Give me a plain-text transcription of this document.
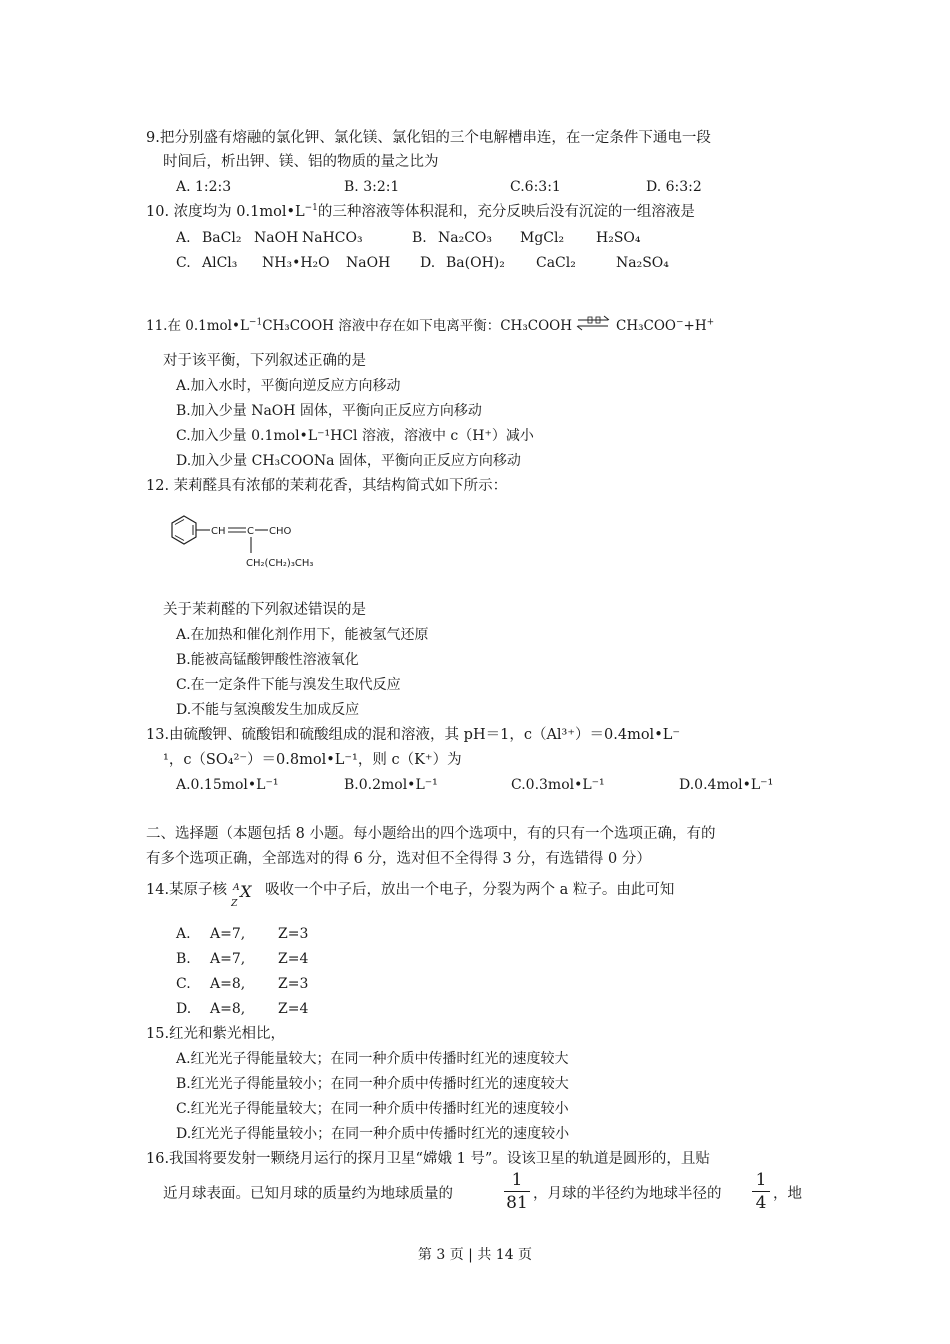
9.把分别盛有熔融的氯化钾、氯化镁、氯化铝的三个电解槽串连，在一定条件下通电一段
时间后，析出钾、镁、铝的物质的量之比为
A. 1:2:3	B. 3:2:1	C.6:3:1	D. 6:3:2
10. 浓度均为 $0.1mol•L^{-1}$的三种溶液等体积混和，充分反映后没有沉淀的一组溶液是
A. BaCl₂ NaOH NaHCO₃	B. Na₂CO₃ MgCl₂ H₂SO₄
C. AlCl₃ NH₃•H₂O NaOH D. Ba(OH)₂ CaCl₂	Na₂SO₄
11.在 $0.1mol•L^{-1}CH_3COOH$ 溶液中存在如下电离平衡：CH₃COOH ⇌ CH₃COO−+H+
对于该平衡，下列叙述正确的是
A.加入水时，平衡向逆反应方向移动
B.加入少量 NaOH 固体，平衡向正反应方向移动
C.加入少量 0.1mol•L⁻¹HCl 溶液，溶液中 c（H⁺）减小
D.加入少量 CH₃COONa 固体，平衡向正反应方向移动
12. 茉莉醛具有浓郁的茉莉花香，其结构简式如下所示：
CH C CHO
CH₂(CH₂)₃CH₃
关于茉莉醛的下列叙述错误的是
A.在加热和催化剂作用下，能被氢气还原
B.能被高锰酸钾酸性溶液氧化
C.在一定条件下能与溴发生取代反应
D.不能与氢溴酸发生加成反应
13.由硫酸钾、硫酸铝和硫酸组成的混和溶液，其 pH＝1，c（Al³⁺）＝0.4mol•L⁻
¹，c（SO₄²⁻）＝0.8mol•L⁻¹，则 c（K⁺）为
A.0.15mol•L⁻¹	B.0.2mol•L⁻¹	C.0.3mol•L⁻¹	D.0.4mol•L⁻¹
二、选择题（本题包括 8 小题。每小题给出的四个选项中，有的只有一个选项正确，有的
有多个选项正确，全部选对的得 6 分，选对但不全得得 3 分，有选错得 0 分）
14.某原子核 A
Z
X 吸收一个中子后，放出一个电子，分裂为两个 a 粒子。由此可知
A. A=7, Z=3
B. A=7, Z=4
C. A=8, Z=3
D. A=8, Z=4
15.红光和紫光相比，
A.红光光子得能量较大；在同一种介质中传播时红光的速度较大
B.红光光子得能量较小；在同一种介质中传播时红光的速度较大
C.红光光子得能量较大；在同一种介质中传播时红光的速度较小
D.红光光子得能量较小；在同一种介质中传播时红光的速度较小
16.我国将要发射一颗绕月运行的探月卫星“嫦娥 1 号”。设该卫星的轨道是圆形的，且贴
近月球表面。已知月球的质量约为地球质量的
1
81 ，月球的半径约为地球半径的
1
4 ，地
第 3 页 | 共 14 页
